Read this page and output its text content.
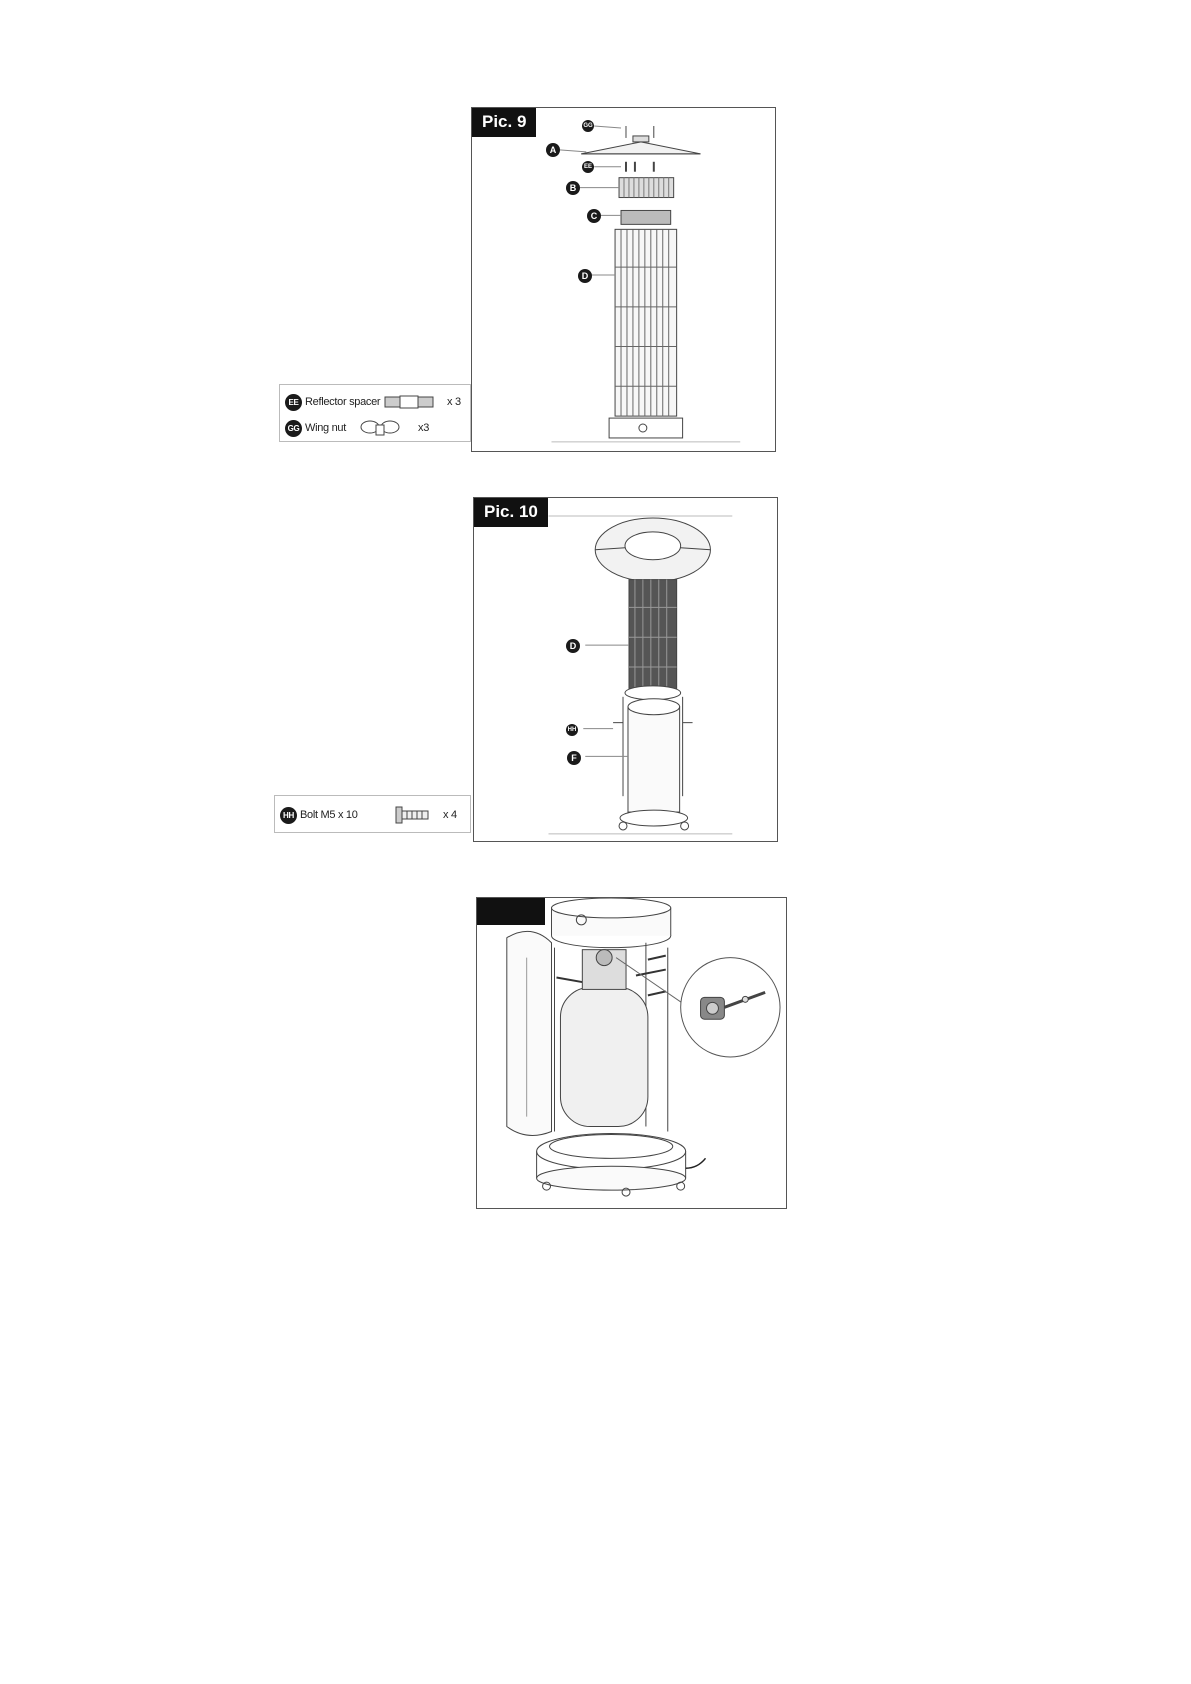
Pic. 9	GG
A
EE
B
C
D
EE Reflector spacer	x 3
GG Wing nut	x3
Pic. 10
D
HH
F
HH Bolt M5 x 10	x 4
